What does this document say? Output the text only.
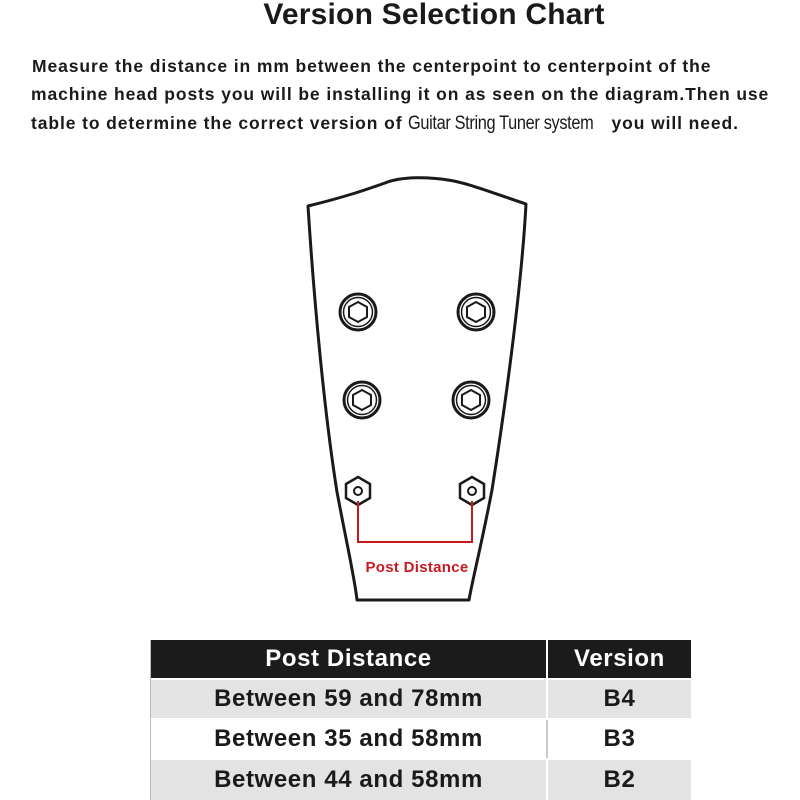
Version Selection Chart
Measure the distance in mm between the centerpoint to centerpoint of the
machine head posts you will be installing it on as seen on the diagram.Then use
table to determine the correct version of Guitar String Tuner system you will need.
Post Distance
Post Distance	Version
Between 59 and 78mm	B4
Between 35 and 58mm	B3
Between 44 and 58mm	B2
